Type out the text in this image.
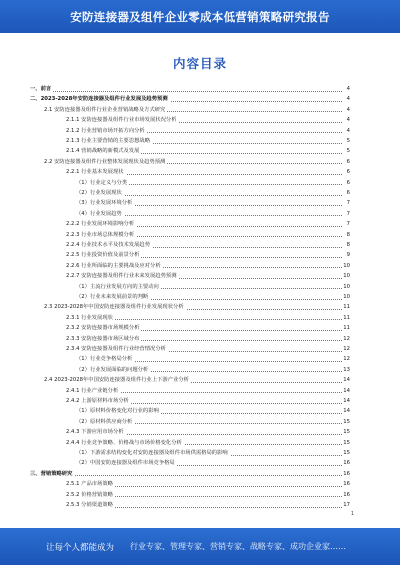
安防连接器及组件企业零成本低营销策略研究报告
内容目录
一、前言	4
二、2023-2028年安防连接器及组件行业发展及趋势预测	4
2.1 安防连接器及组件行业企业营销战略及方式研究	4
2.1.1 安防连接器及组件行业市场发展状况分析	4
2.1.2 行业营销市场开拓方向分析	4
2.1.3 行业主要营销的主要思想战略	5
2.1.4 营销战略的新模式及发展	5
2.2 安防连接器及组件行业整体发展现状及趋势预测	6
2.2.1 行业基本发展现状	6
（1）行业定义与分类	6
（2）行业发展现状	6
（3）行业发展环境分析	7
（4）行业发展趋势	7
2.2.2 行业发展环境影响分析	7
2.2.3 行业市场总体规模分析	8
2.2.4 行业技术水平及技术发展趋势	8
2.2.5 行业投资价值及前景分析	9
2.2.6 行业所面临的主要挑战及应对分析	10
2.2.7 安防连接器及组件行业未来发展趋势预测	10
（1）主流行业发展方向的主要动向	10
（2）行业未来发展前景的判断	10
2.3 2023-2028年中国安防连接器及组件行业发展现状分析	11
2.3.1 行业发展现状	11
2.3.2 安防连接器市场规模分析	11
2.3.3 安防连接器市场区域分布	12
2.3.4 安防连接器及组件行业经营情况分析	12
（1）行业竞争格局分析	12
（2）行业发展面临的问题分析	13
2.4 2023-2028年中国安防连接器及组件行业上下游产业分析	14
2.4.1 行业产业链分析	14
2.4.2 上游原材料市场分析	14
（1）原材料价格变化对行业的影响	14
（2）原材料供应商分析	15
2.4.3 下游应用市场分析	15
2.4.4 行业竞争策略、价格战与市场价格变化分析	15
（1）下游需求结构变化对安防连接器及组件市场供需格局的影响	15
（2）中国安防连接器及组件市场竞争格局	16
三、营销策略研究	16
2.5.1 产品市场策略	16
2.5.2 价格营销策略	16
2.5.3 分销渠道策略	17
1
让每个人都能成为 行业专家、管理专家、营销专家、战略专家、成功企业家……
